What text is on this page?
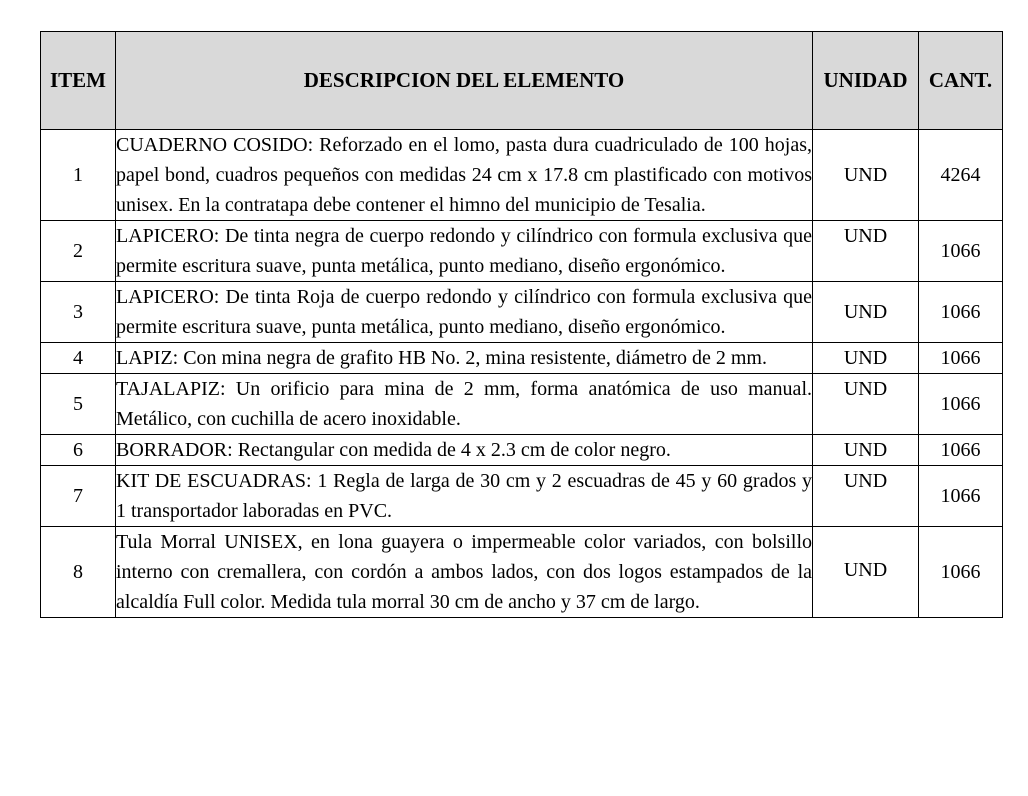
ITEM	DESCRIPCION DEL ELEMENTO	UNIDAD	CANT.
1	CUADERNO COSIDO: Reforzado en el lomo, pasta dura cuadriculado de 100 hojas, papel bond, cuadros pequeños con medidas 24 cm x 17.8 cm plastificado con motivos unisex. En la contratapa debe contener el himno del municipio de Tesalia.	UND	4264
2	LAPICERO: De tinta negra de cuerpo redondo y cilíndrico con formula exclusiva que permite escritura suave, punta metálica, punto mediano, diseño ergonómico.	UND	1066
3	LAPICERO: De tinta Roja de cuerpo redondo y cilíndrico con formula exclusiva que permite escritura suave, punta metálica, punto mediano, diseño ergonómico.	UND	1066
4	LAPIZ: Con mina negra de grafito HB No. 2, mina resistente, diámetro de 2 mm.	UND	1066
5	TAJALAPIZ: Un orificio para mina de 2 mm, forma anatómica de uso manual. Metálico, con cuchilla de acero inoxidable.	UND	1066
6	BORRADOR: Rectangular con medida de 4 x 2.3 cm de color negro.	UND	1066
7	KIT DE ESCUADRAS: 1 Regla de larga de 30 cm y 2 escuadras de 45 y 60 grados y 1 transportador laboradas en PVC.	UND	1066
8	Tula Morral UNISEX, en lona guayera o impermeable color variados, con bolsillo interno con cremallera, con cordón a ambos lados, con dos logos estampados de la alcaldía Full color. Medida tula morral 30 cm de ancho y 37 cm de largo.	UND	1066
